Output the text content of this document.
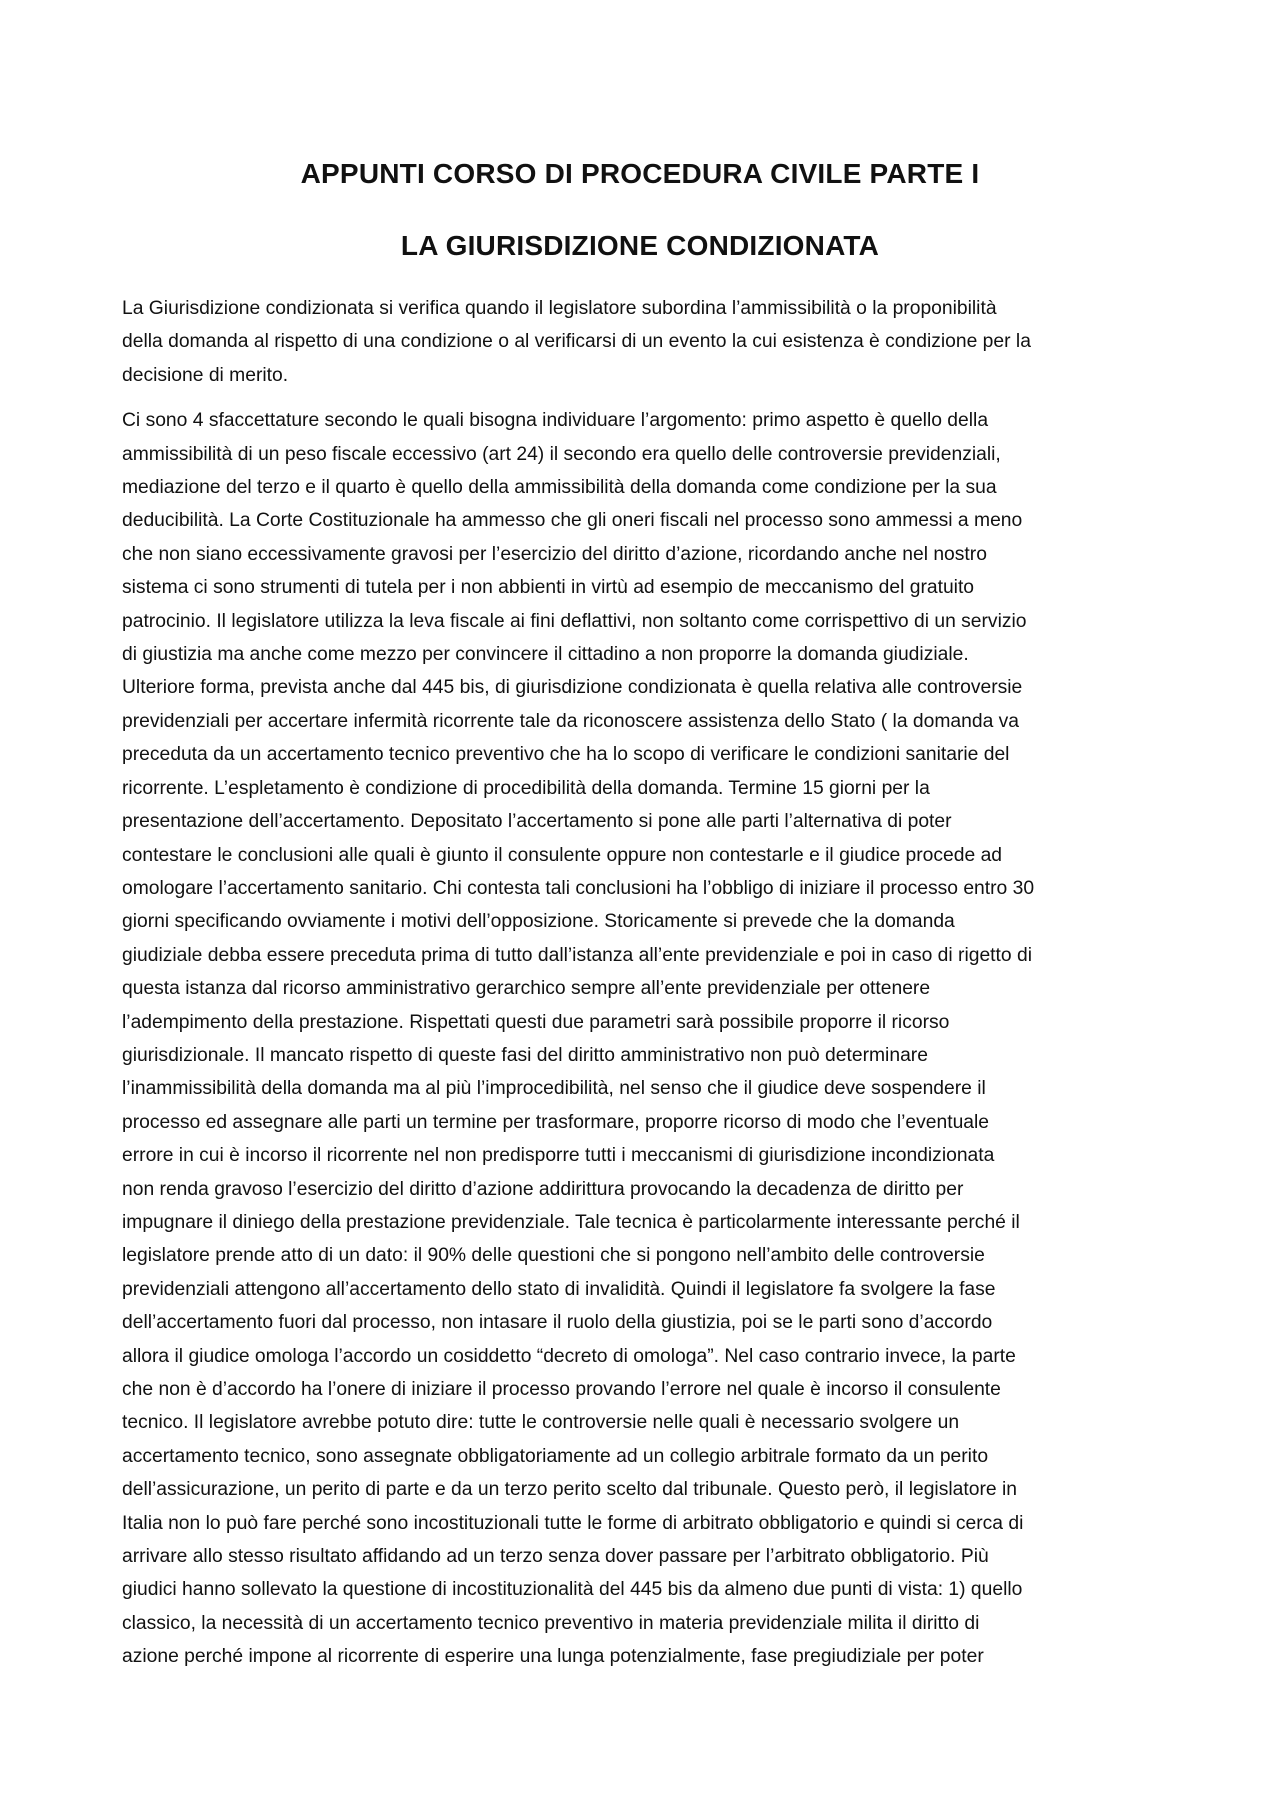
APPUNTI CORSO DI PROCEDURA CIVILE PARTE I
LA GIURISDIZIONE CONDIZIONATA

La Giurisdizione condizionata si verifica quando il legislatore subordina l’ammissibilità o la proponibilità
della domanda al rispetto di una condizione o al verificarsi di un evento la cui esistenza è condizione per la
decisione di merito.

Ci sono 4 sfaccettature secondo le quali bisogna individuare l’argomento: primo aspetto è quello della
ammissibilità di un peso fiscale eccessivo (art 24) il secondo era quello delle controversie previdenziali,
mediazione del terzo e il quarto è quello della ammissibilità della domanda come condizione per la sua
deducibilità. La Corte Costituzionale ha ammesso che gli oneri fiscali nel processo sono ammessi a meno
che non siano eccessivamente gravosi per l’esercizio del diritto d’azione, ricordando anche nel nostro
sistema ci sono strumenti di tutela per i non abbienti in virtù ad esempio de meccanismo del gratuito
patrocinio. Il legislatore utilizza la leva fiscale ai fini deflattivi, non soltanto come corrispettivo di un servizio
di giustizia ma anche come mezzo per convincere il cittadino a non proporre la domanda giudiziale.
Ulteriore forma, prevista anche dal 445 bis, di giurisdizione condizionata è quella relativa alle controversie
previdenziali per accertare infermità ricorrente tale da riconoscere assistenza dello Stato ( la domanda va
preceduta da un accertamento tecnico preventivo che ha lo scopo di verificare le condizioni sanitarie del
ricorrente. L’espletamento è condizione di procedibilità della domanda. Termine 15 giorni per la
presentazione dell’accertamento. Depositato l’accertamento si pone alle parti l’alternativa di poter
contestare le conclusioni alle quali è giunto il consulente oppure non contestarle e il giudice procede ad
omologare l’accertamento sanitario. Chi contesta tali conclusioni ha l’obbligo di iniziare il processo entro 30
giorni specificando ovviamente i motivi dell’opposizione. Storicamente si prevede che la domanda
giudiziale debba essere preceduta prima di tutto dall’istanza all’ente previdenziale e poi in caso di rigetto di
questa istanza dal ricorso amministrativo gerarchico sempre all’ente previdenziale per ottenere
l’adempimento della prestazione. Rispettati questi due parametri sarà possibile proporre il ricorso
giurisdizionale. Il mancato rispetto di queste fasi del diritto amministrativo non può determinare
l’inammissibilità della domanda ma al più l’improcedibilità, nel senso che il giudice deve sospendere il
processo ed assegnare alle parti un termine per trasformare, proporre ricorso di modo che l’eventuale
errore in cui è incorso il ricorrente nel non predisporre tutti i meccanismi di giurisdizione incondizionata
non renda gravoso l’esercizio del diritto d’azione addirittura provocando la decadenza de diritto per
impugnare il diniego della prestazione previdenziale. Tale tecnica è particolarmente interessante perché il
legislatore prende atto di un dato: il 90% delle questioni che si pongono nell’ambito delle controversie
previdenziali attengono all’accertamento dello stato di invalidità. Quindi il legislatore fa svolgere la fase
dell’accertamento fuori dal processo, non intasare il ruolo della giustizia, poi se le parti sono d’accordo
allora il giudice omologa l’accordo un cosiddetto “decreto di omologa”. Nel caso contrario invece, la parte
che non è d’accordo ha l’onere di iniziare il processo provando l’errore nel quale è incorso il consulente
tecnico. Il legislatore avrebbe potuto dire: tutte le controversie nelle quali è necessario svolgere un
accertamento tecnico, sono assegnate obbligatoriamente ad un collegio arbitrale formato da un perito
dell’assicurazione, un perito di parte e da un terzo perito scelto dal tribunale. Questo però, il legislatore in
Italia non lo può fare perché sono incostituzionali tutte le forme di arbitrato obbligatorio e quindi si cerca di
arrivare allo stesso risultato affidando ad un terzo senza dover passare per l’arbitrato obbligatorio. Più
giudici hanno sollevato la questione di incostituzionalità del 445 bis da almeno due punti di vista: 1) quello
classico, la necessità di un accertamento tecnico preventivo in materia previdenziale milita il diritto di
azione perché impone al ricorrente di esperire una lunga potenzialmente, fase pregiudiziale per poter
